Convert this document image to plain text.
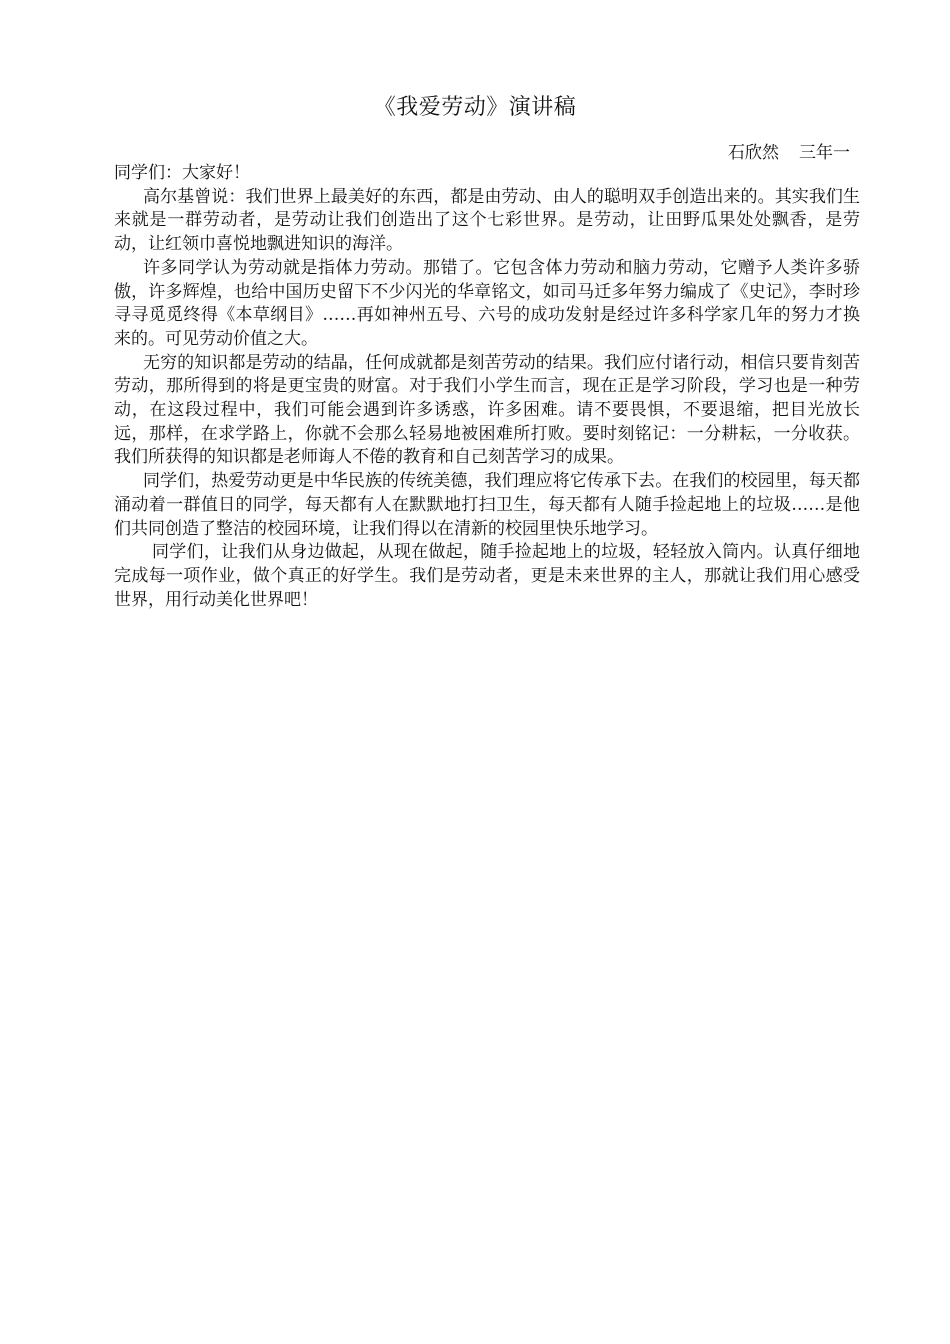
《我爱劳动》演讲稿
石欣然 三年一

同学们：大家好！

高尔基曾说：我们世界上最美好的东西，都是由劳动、由人的聪明双手创造出来的。其实我们生来就是一群劳动者，是劳动让我们创造出了这个七彩世界。是劳动，让田野瓜果处处飘香，是劳动，让红领巾喜悦地飘进知识的海洋。

许多同学认为劳动就是指体力劳动。那错了。它包含体力劳动和脑力劳动，它赠予人类许多骄傲，许多辉煌，也给中国历史留下不少闪光的华章铭文，如司马迁多年努力编成了《史记》，李时珍寻寻觅觅终得《本草纲目》……再如神州五号、六号的成功发射是经过许多科学家几年的努力才换来的。可见劳动价值之大。

无穷的知识都是劳动的结晶，任何成就都是刻苦劳动的结果。我们应付诸行动，相信只要肯刻苦劳动，那所得到的将是更宝贵的财富。对于我们小学生而言，现在正是学习阶段，学习也是一种劳动，在这段过程中，我们可能会遇到许多诱惑，许多困难。请不要畏惧，不要退缩，把目光放长远，那样，在求学路上，你就不会那么轻易地被困难所打败。要时刻铭记：一分耕耘，一分收获。我们所获得的知识都是老师诲人不倦的教育和自己刻苦学习的成果。

同学们，热爱劳动更是中华民族的传统美德，我们理应将它传承下去。在我们的校园里，每天都涌动着一群值日的同学，每天都有人在默默地打扫卫生，每天都有人随手捡起地上的垃圾……是他们共同创造了整洁的校园环境，让我们得以在清新的校园里快乐地学习。

同学们，让我们从身边做起，从现在做起，随手捡起地上的垃圾，轻轻放入筒内。认真仔细地完成每一项作业，做个真正的好学生。我们是劳动者，更是未来世界的主人，那就让我们用心感受世界，用行动美化世界吧！
